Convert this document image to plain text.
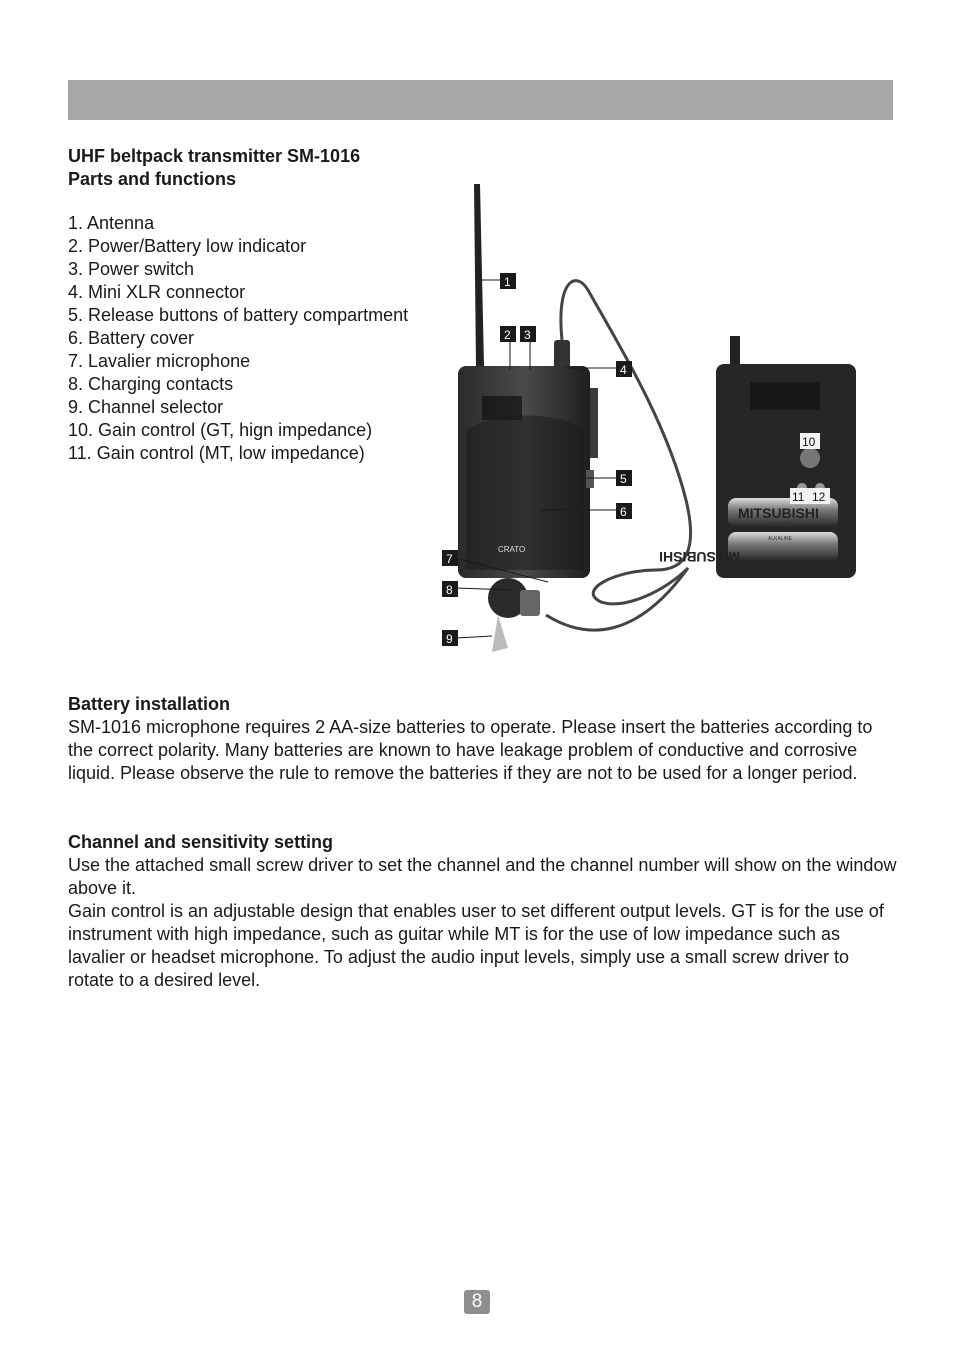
UHF beltpack transmitter SM-1016
Parts and functions
1. Antenna
2. Power/Battery low indicator
3. Power switch
4. Mini XLR connector
5. Release buttons of battery compartment
6. Battery cover
7. Lavalier microphone
8. Charging contacts
9. Channel selector
10. Gain control (GT, hign impedance)
11. Gain control (MT, low impedance)
CRATO
MITSUBISHI
ALKALINE
MITSUBISHI
ALKALINE
1
2 3
4
5
6
7
8
9
10
11 12
Battery installation

SM-1016 microphone requires 2 AA-size batteries to operate. Please insert the batteries according to the correct polarity. Many batteries are known to have leakage problem of conductive and corrosive liquid. Please observe the rule to remove the batteries if they are not to be used for a longer period.

Channel and sensitivity setting

Use the attached small screw driver to set the channel and the channel number will show on the window above it.

Gain control is an adjustable design that enables user to set different output levels. GT is for the use of instrument with high impedance, such as guitar while MT is for the use of low impedance such as lavalier or headset microphone. To adjust the audio input levels, simply use a small screw driver to rotate to a desired level.

8
